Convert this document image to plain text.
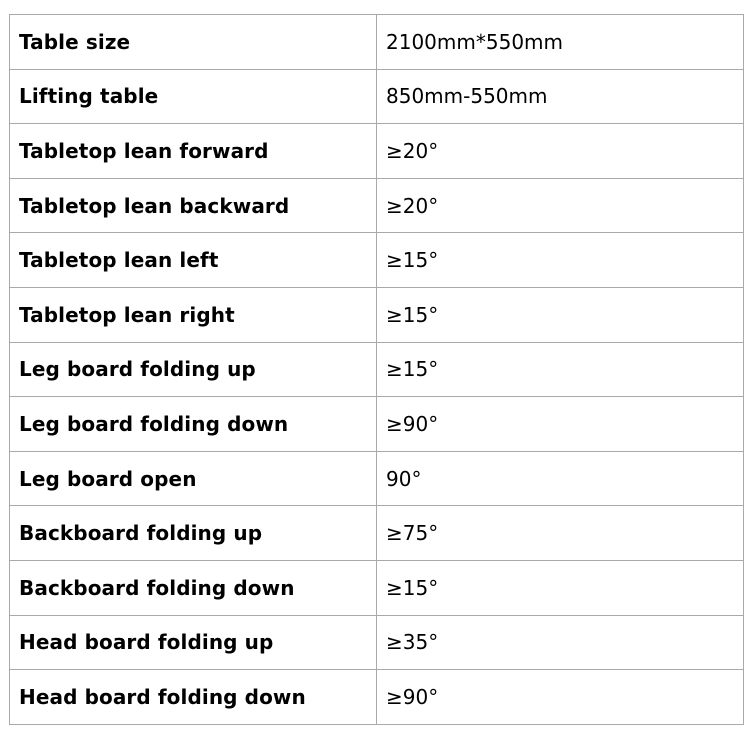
Table size	2100mm*550mm
Lifting table	850mm-550mm
Tabletop lean forward	≥20°
Tabletop lean backward	≥20°
Tabletop lean left	≥15°
Tabletop lean right	≥15°
Leg board folding up	≥15°
Leg board folding down	≥90°
Leg board open	90°
Backboard folding up	≥75°
Backboard folding down	≥15°
Head board folding up	≥35°
Head board folding down	≥90°
